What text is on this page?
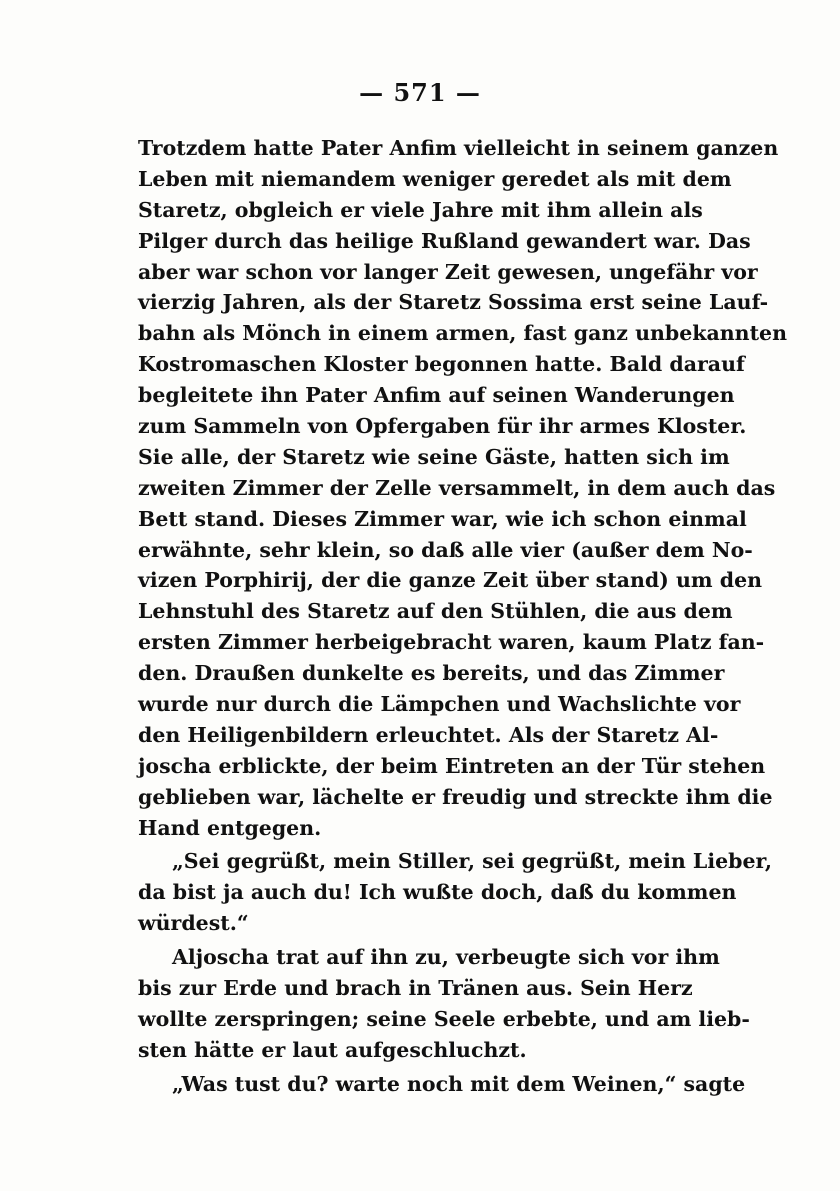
— 571 —
Trotzdem hatte Pater Anfim vielleicht in seinem ganzen
Leben mit niemandem weniger geredet als mit dem
Staretz, obgleich er viele Jahre mit ihm allein als
Pilger durch das heilige Rußland gewandert war. Das
aber war schon vor langer Zeit gewesen, ungefähr vor
vierzig Jahren, als der Staretz Sossima erst seine Lauf-
bahn als Mönch in einem armen, fast ganz unbekannten
Kostromaschen Kloster begonnen hatte. Bald darauf
begleitete ihn Pater Anfim auf seinen Wanderungen
zum Sammeln von Opfergaben für ihr armes Kloster.
Sie alle, der Staretz wie seine Gäste, hatten sich im
zweiten Zimmer der Zelle versammelt, in dem auch das
Bett stand. Dieses Zimmer war, wie ich schon einmal
erwähnte, sehr klein, so daß alle vier (außer dem No-
vizen Porphirij, der die ganze Zeit über stand) um den
Lehnstuhl des Staretz auf den Stühlen, die aus dem
ersten Zimmer herbeigebracht waren, kaum Platz fan-
den. Draußen dunkelte es bereits, und das Zimmer
wurde nur durch die Lämpchen und Wachslichte vor
den Heiligenbildern erleuchtet. Als der Staretz Al-
joscha erblickte, der beim Eintreten an der Tür stehen
geblieben war, lächelte er freudig und streckte ihm die
Hand entgegen.
„Sei gegrüßt, mein Stiller, sei gegrüßt, mein Lieber,
da bist ja auch du! Ich wußte doch, daß du kommen
würdest.“
Aljoscha trat auf ihn zu, verbeugte sich vor ihm
bis zur Erde und brach in Tränen aus. Sein Herz
wollte zerspringen; seine Seele erbebte, und am lieb-
sten hätte er laut aufgeschluchzt.
„Was tust du? warte noch mit dem Weinen,“ sagte
